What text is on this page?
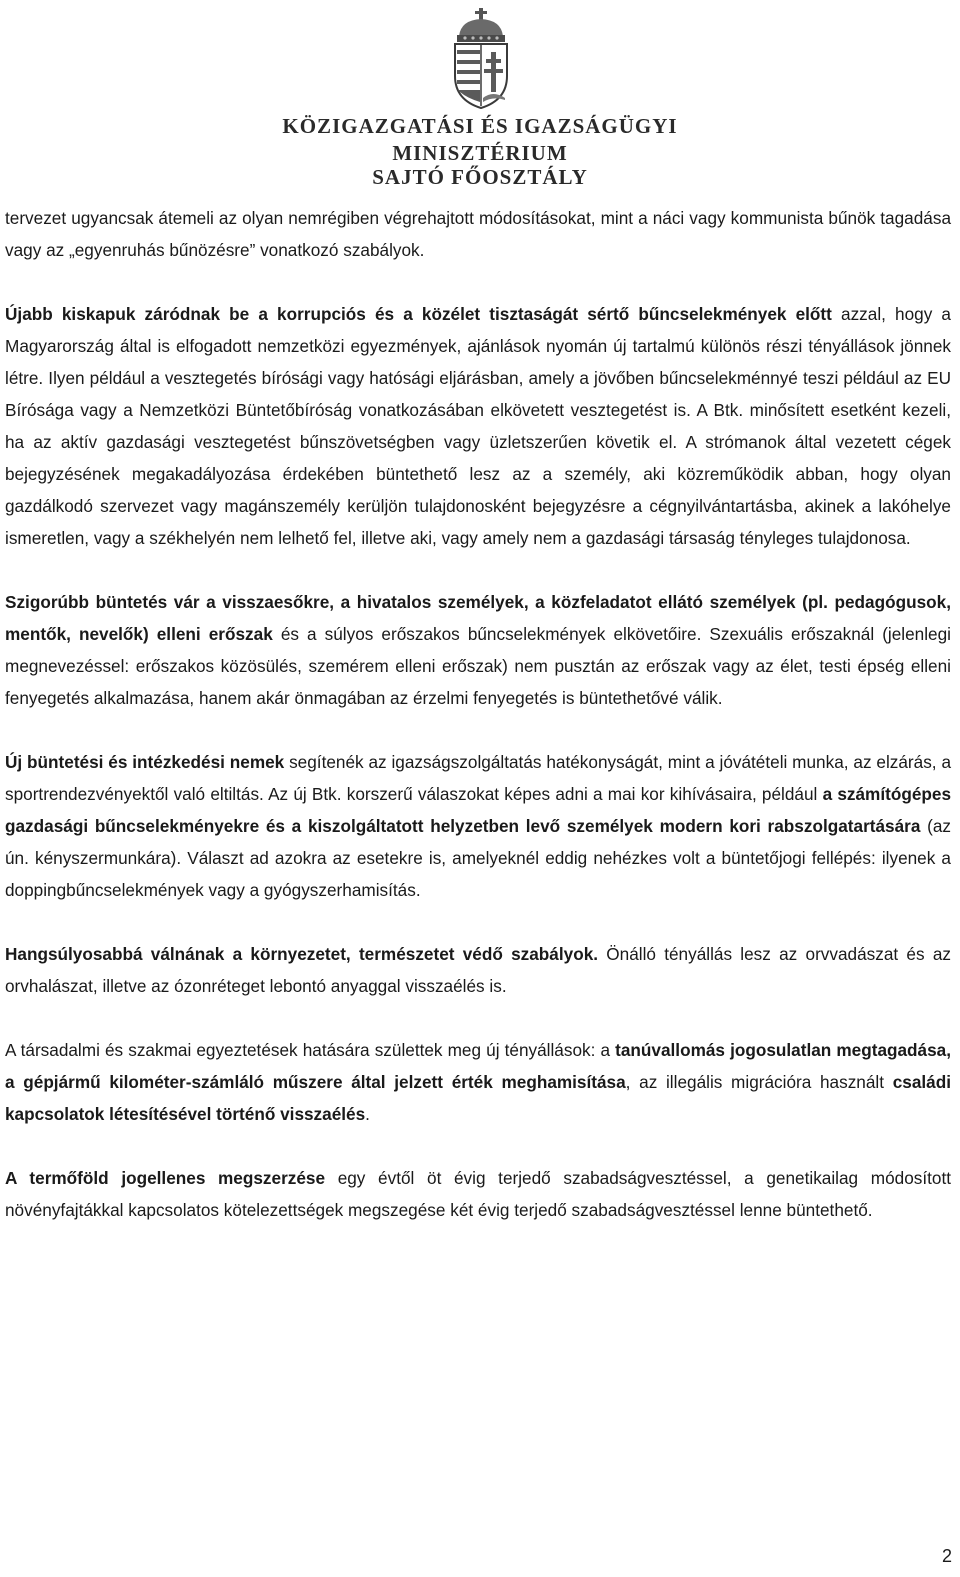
KÖZIGAZGATÁSI ÉS IGAZSÁGÜGYI
MINISZTÉRIUM
SAJTÓ FŐOSZTÁLY

tervezet ugyancsak átemeli az olyan nemrégiben végrehajtott módosításokat, mint a náci vagy kommunista bűnök tagadása vagy az „egyenruhás bűnözésre” vonatkozó szabályok.

Újabb kiskapuk záródnak be a korrupciós és a közélet tisztaságát sértő bűncselekmények előtt azzal, hogy a Magyarország által is elfogadott nemzetközi egyezmények, ajánlások nyomán új tartalmú különös részi tényállások jönnek létre. Ilyen például a vesztegetés bírósági vagy hatósági eljárásban, amely a jövőben bűncselekménnyé teszi például az EU Bírósága vagy a Nemzetközi Büntetőbíróság vonatkozásában elkövetett vesztegetést is. A Btk. minősített esetként kezeli, ha az aktív gazdasági vesztegetést bűnszövetségben vagy üzletszerűen követik el. A strómanok által vezetett cégek bejegyzésének megakadályozása érdekében büntethető lesz az a személy, aki közreműködik abban, hogy olyan gazdálkodó szervezet vagy magánszemély kerüljön tulajdonosként bejegyzésre a cégnyilvántartásba, akinek a lakóhelye ismeretlen, vagy a székhelyén nem lelhető fel, illetve aki, vagy amely nem a gazdasági társaság tényleges tulajdonosa.

Szigorúbb büntetés vár a visszaesőkre, a hivatalos személyek, a közfeladatot ellátó személyek (pl. pedagógusok, mentők, nevelők) elleni erőszak és a súlyos erőszakos bűncselekmények elkövetőire. Szexuális erőszaknál (jelenlegi megnevezéssel: erőszakos közösülés, szemérem elleni erőszak) nem pusztán az erőszak vagy az élet, testi épség elleni fenyegetés alkalmazása, hanem akár önmagában az érzelmi fenyegetés is büntethetővé válik.

Új büntetési és intézkedési nemek segítenék az igazságszolgáltatás hatékonyságát, mint a jóvátételi munka, az elzárás, a sportrendezvényektől való eltiltás. Az új Btk. korszerű válaszokat képes adni a mai kor kihívásaira, például a számítógépes gazdasági bűncselekményekre és a kiszolgáltatott helyzetben levő személyek modern kori rabszolgatartására (az ún. kényszermunkára). Választ ad azokra az esetekre is, amelyeknél eddig nehézkes volt a büntetőjogi fellépés: ilyenek a doppingbűncselekmények vagy a gyógyszerhamisítás.

Hangsúlyosabbá válnának a környezetet, természetet védő szabályok. Önálló tényállás lesz az orvvadászat és az orvhalászat, illetve az ózonréteget lebontó anyaggal visszaélés is.

A társadalmi és szakmai egyeztetések hatására születtek meg új tényállások: a tanúvallomás jogosulatlan megtagadása, a gépjármű kilométer-számláló műszere által jelzett érték meghamisítása, az illegális migrációra használt családi kapcsolatok létesítésével történő visszaélés.

A termőföld jogellenes megszerzése egy évtől öt évig terjedő szabadságvesztéssel, a genetikailag módosított növényfajtákkal kapcsolatos kötelezettségek megszegése két évig terjedő szabadságvesztéssel lenne büntethető.

2
